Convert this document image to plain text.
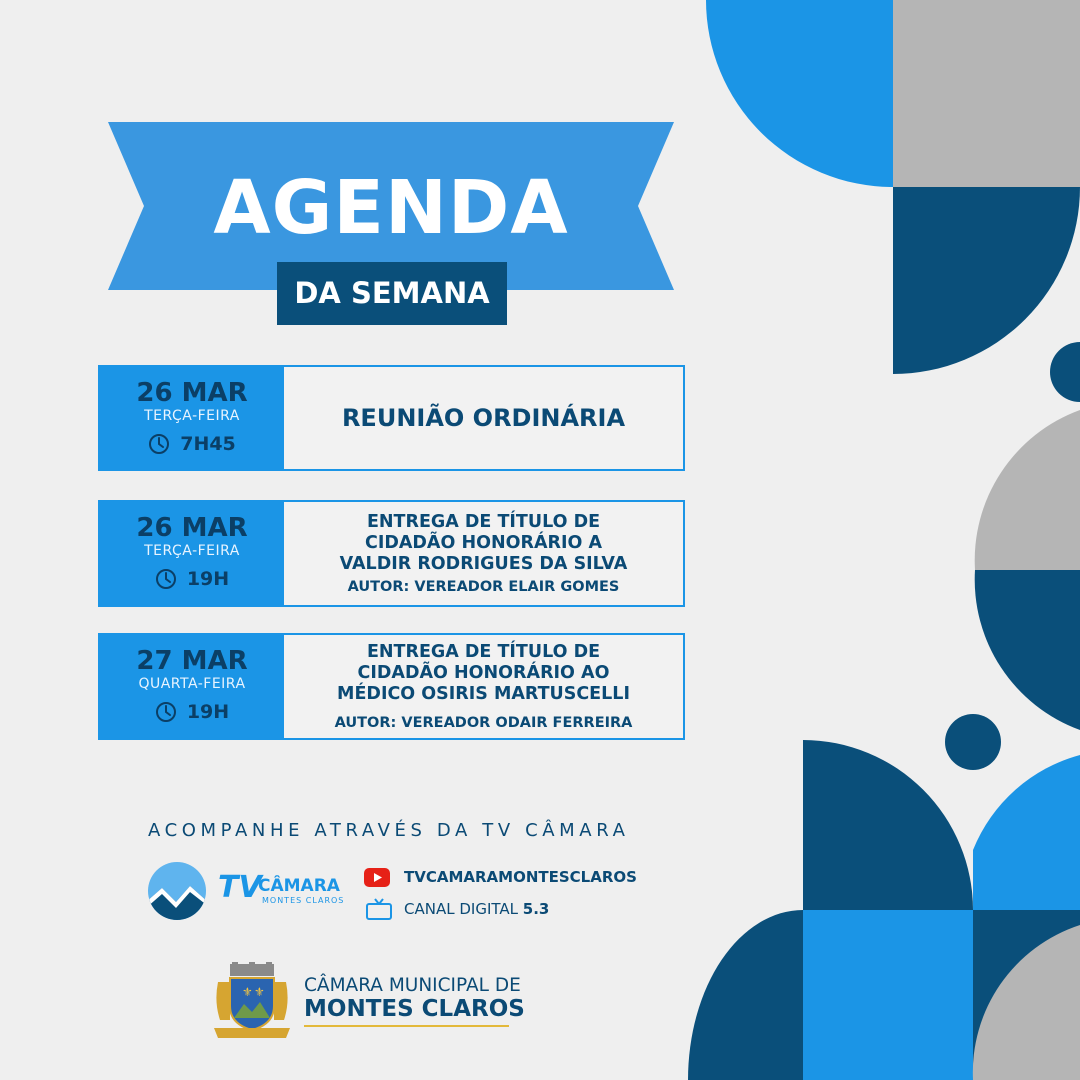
AGENDA
DA SEMANA
26 MAR
TERÇA-FEIRA
7H45
REUNIÃO ORDINÁRIA
26 MAR
TERÇA-FEIRA
19H
ENTREGA DE TÍTULO DE
CIDADÃO HONORÁRIO A
VALDIR RODRIGUES DA SILVA
AUTOR: VEREADOR ELAIR GOMES
27 MAR
QUARTA-FEIRA
19H
ENTREGA DE TÍTULO DE
CIDADÃO HONORÁRIO AO
MÉDICO OSIRIS MARTUSCELLI
AUTOR: VEREADOR ODAIR FERREIRA
ACOMPANHE ATRAVÉS DA TV CÂMARA
TV
CÂMARA
MONTES CLAROS
TVCAMARAMONTESCLAROS
CANAL DIGITAL 5.3
⚜ ⚜ CÂMARA MUNICIPAL DE
MONTES CLAROS
